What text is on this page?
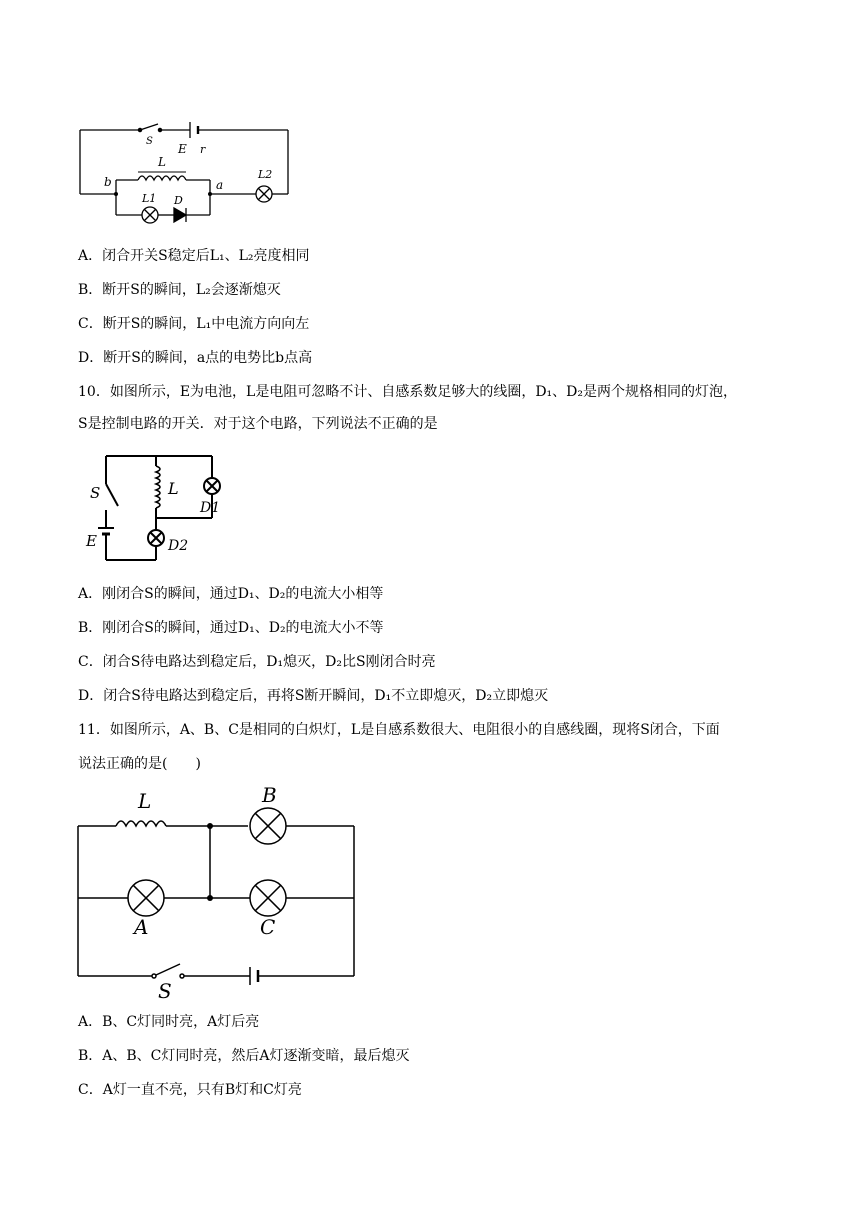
S
E r
L
L1
L2
D
a
b
A．闭合开关S稳定后L₁、L₂亮度相同
B．断开S的瞬间，L₂会逐渐熄灭
C．断开S的瞬间，L₁中电流方向向左
D．断开S的瞬间，a点的电势比b点高
10．如图所示，E为电池，L是电阻可忽略不计、自感系数足够大的线圈，D₁、D₂是两个规格相同的灯泡，
S是控制电路的开关．对于这个电路，下列说法不正确的是
S	L
D1
E	D2
A．刚闭合S的瞬间，通过D₁、D₂的电流大小相等
B．刚闭合S的瞬间，通过D₁、D₂的电流大小不等
C．闭合S待电路达到稳定后，D₁熄灭，D₂比S刚闭合时亮
D．闭合S待电路达到稳定后，再将S断开瞬间，D₁不立即熄灭，D₂立即熄灭
11．如图所示，A、B、C是相同的白炽灯，L是自感系数很大、电阻很小的自感线圈，现将S闭合，下面
说法正确的是(　　)
L	B
A	C
S
A．B、C灯同时亮，A灯后亮
B．A、B、C灯同时亮，然后A灯逐渐变暗，最后熄灭
C．A灯一直不亮，只有B灯和C灯亮
